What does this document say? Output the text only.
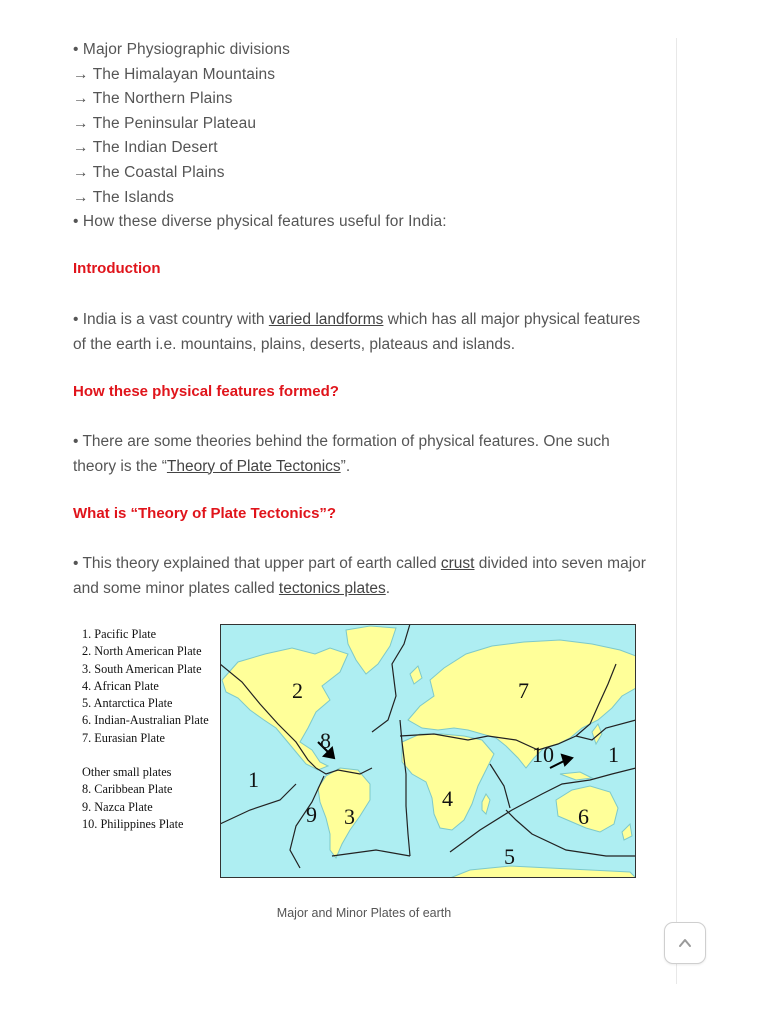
• Major Physiographic divisions
→ The Himalayan Mountains
→ The Northern Plains
→ The Peninsular Plateau
→ The Indian Desert
→ The Coastal Plains
→ The Islands
• How these diverse physical features useful for India:
Introduction
• India is a vast country with varied landforms which has all major physical features of the earth i.e. mountains, plains, deserts, plateaus and islands.
How these physical features formed?
• There are some theories behind the formation of physical features. One such theory is the “Theory of Plate Tectonics”.
What is “Theory of Plate Tectonics”?
• This theory explained that upper part of earth called crust divided into seven major and some minor plates called tectonics plates.
1. Pacific Plate
2. North American Plate
3. South American Plate
4. African Plate
5. Antarctica Plate
6. Indian-Australian Plate
7. Eurasian Plate
Other small plates
8. Caribbean Plate
9. Nazca Plate
10. Philippines Plate
1
2
8
7
10 1
9 3
4
6
5
Major and Minor Plates of earth
